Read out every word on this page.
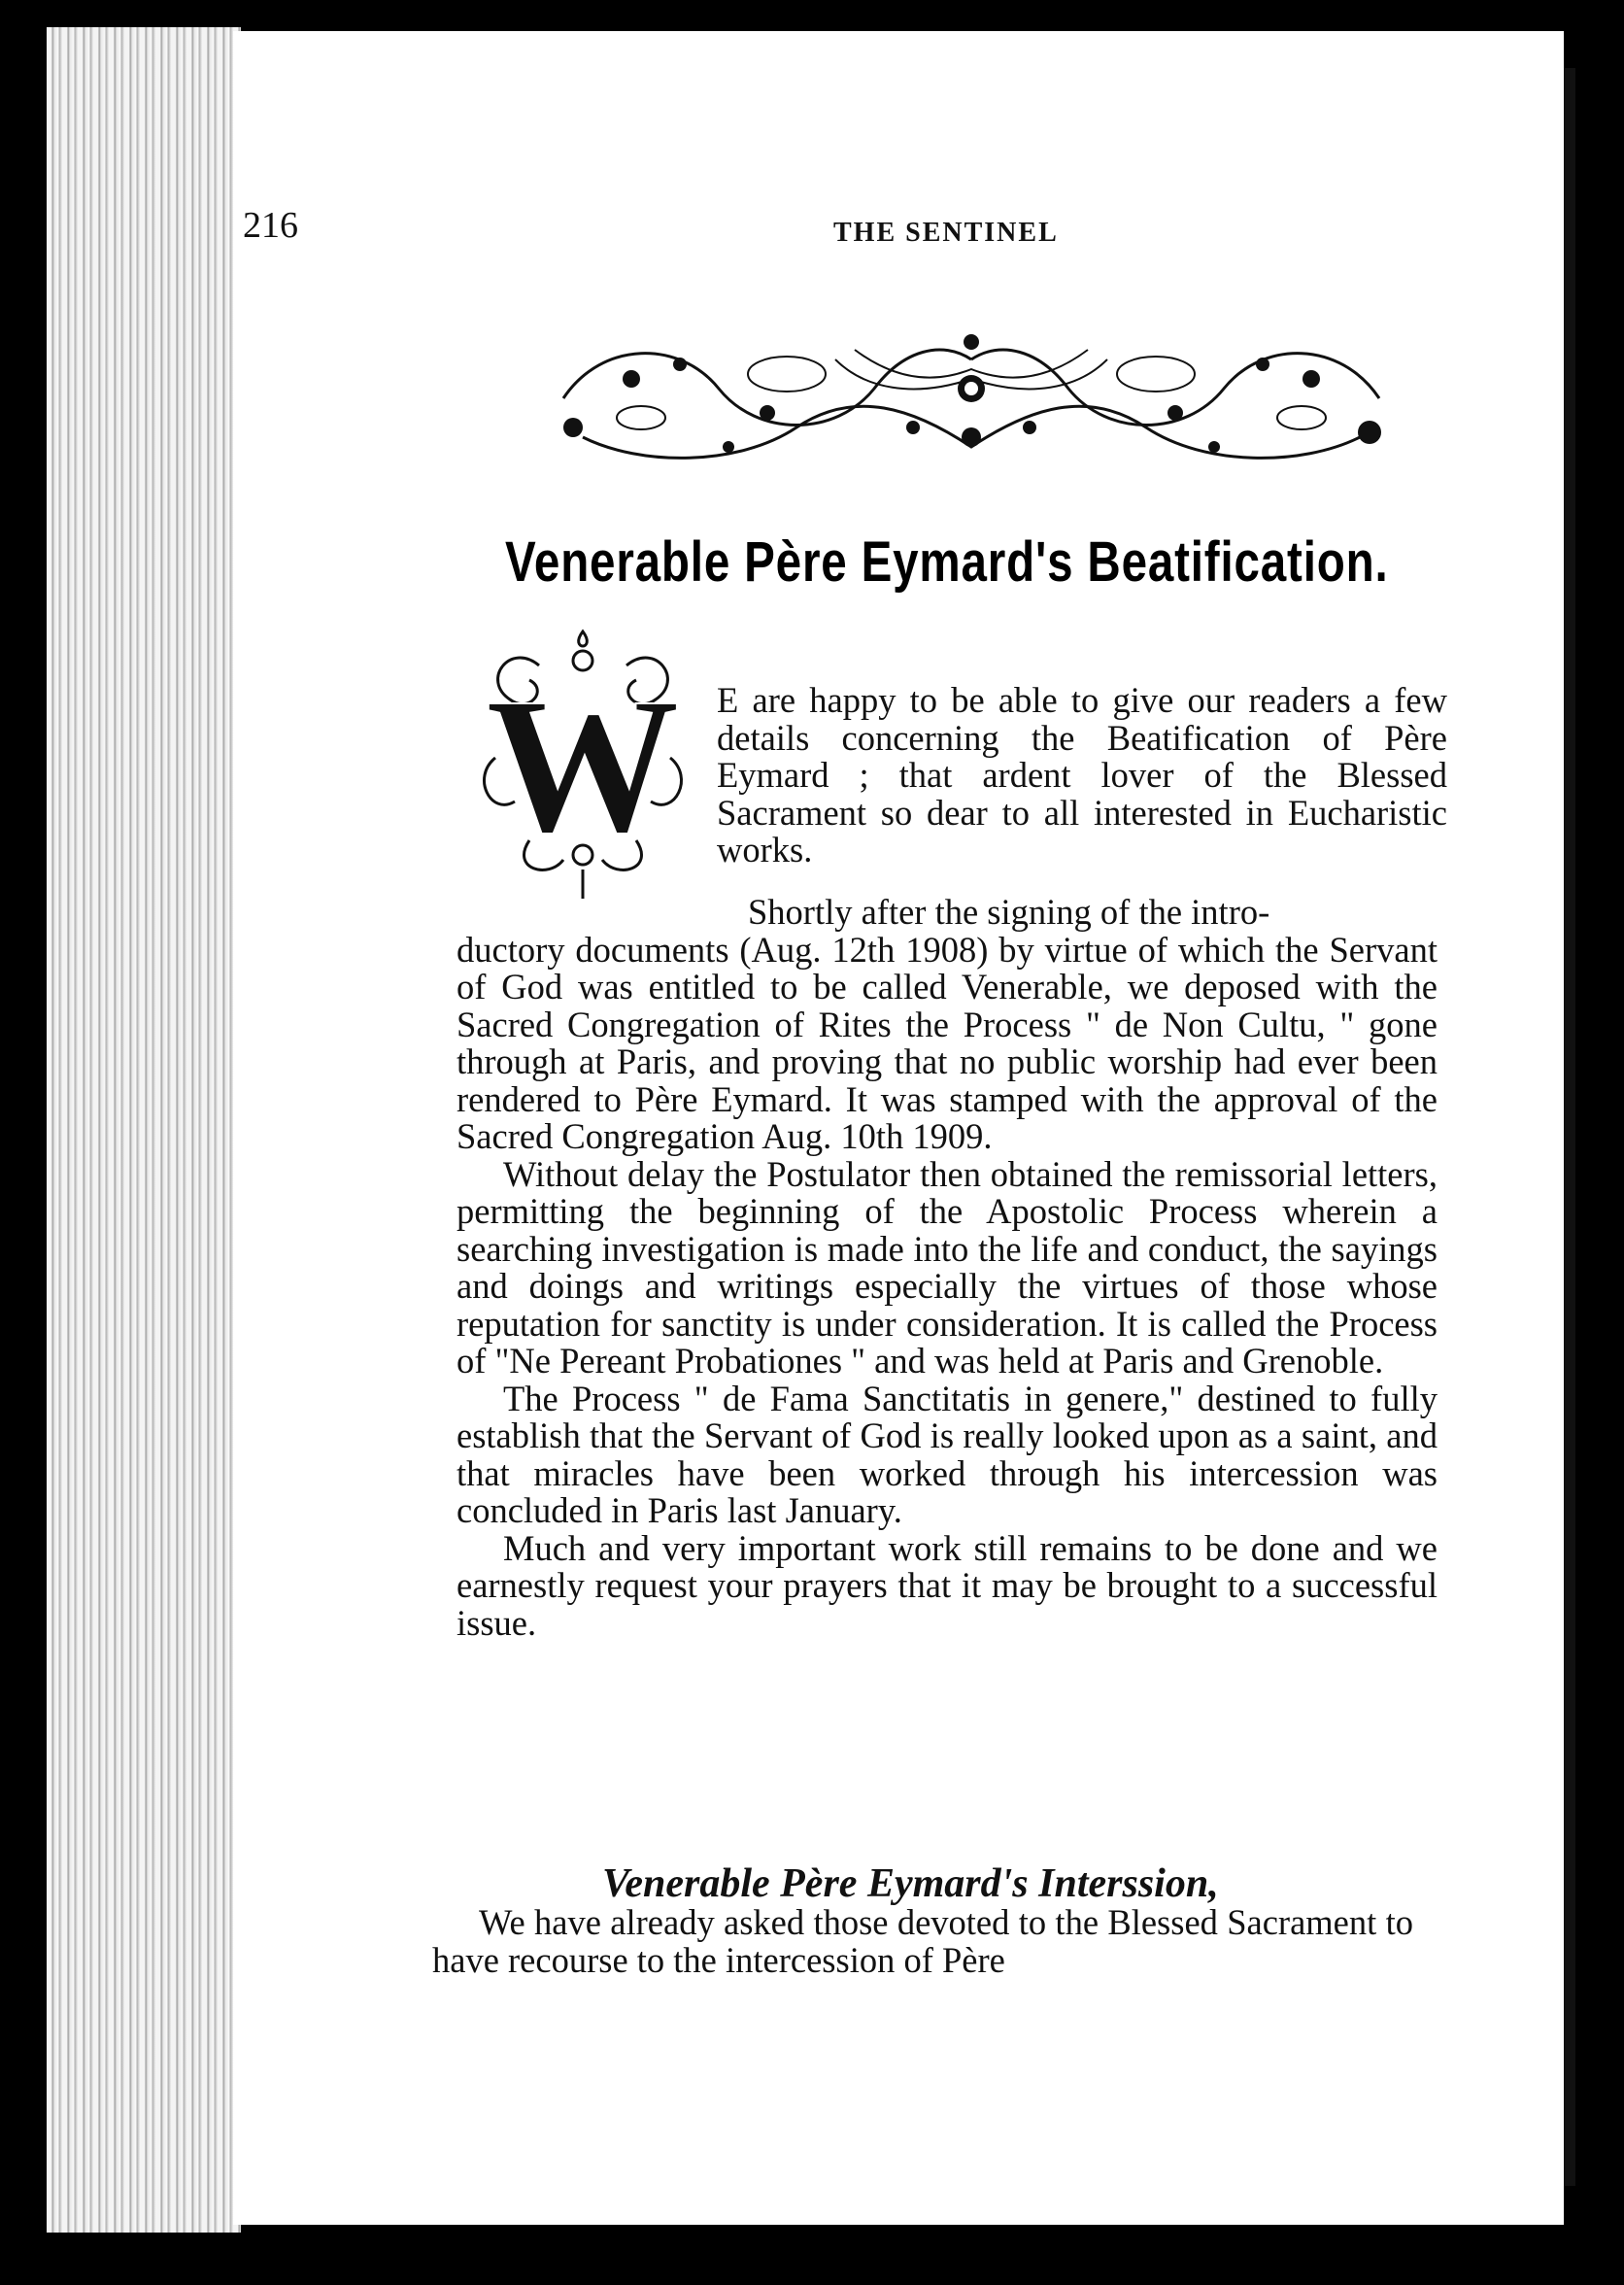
216	THE SENTINEL
Venerable Père Eymard's Beatification.
W E are happy to be able to give our readers a few details concerning the Beatification of Père Eymard ; that ardent lover of the Blessed Sacrament so dear to all interested in Eucharistic works.

Shortly after the signing of the intro-

ductory documents (Aug. 12th 1908) by virtue of which the Servant of God was entitled to be called Venerable, we deposed with the Sacred Congregation of Rites the Process " de Non Cultu, " gone through at Paris, and proving that no public worship had ever been rendered to Père Eymard. It was stamped with the approval of the Sacred Congregation Aug. 10th 1909.

Without delay the Postulator then obtained the remissorial letters, permitting the beginning of the Apostolic Process wherein a searching investigation is made into the life and conduct, the sayings and doings and writings especially the virtues of those whose reputation for sanctity is under consideration. It is called the Process of "Ne Pereant Probationes " and was held at Paris and Grenoble.

The Process " de Fama Sanctitatis in genere," destined to fully establish that the Servant of God is really looked upon as a saint, and that miracles have been worked through his intercession was concluded in Paris last January.

Much and very important work still remains to be done and we earnestly request your prayers that it may be brought to a successful issue.

Venerable Père Eymard's Interssion,

We have already asked those devoted to the Blessed Sacrament to have recourse to the intercession of Père
